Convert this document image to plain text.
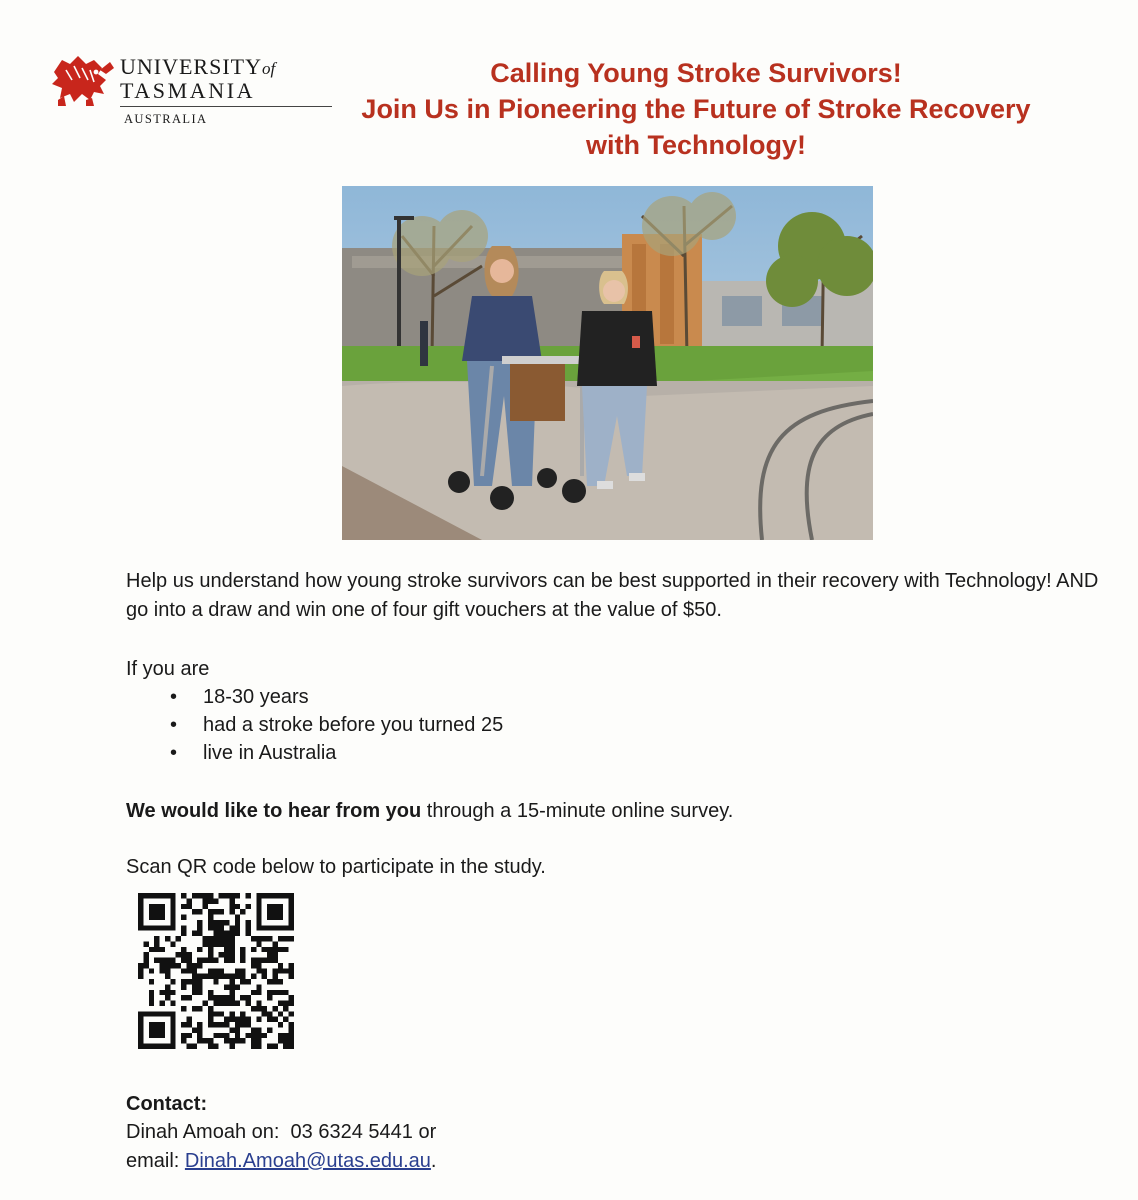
UNIVERSITYof
TASMANIA
AUSTRALIA
Calling Young Stroke Survivors!
Join Us in Pioneering the Future of Stroke Recovery
with Technology!
Help us understand how young stroke survivors can be best supported in their recovery with Technology! AND go into a draw and win one of four gift vouchers at the value of $50.
If you are
• 18-30 years
• had a stroke before you turned 25
• live in Australia
We would like to hear from you through a 15-minute online survey.
Scan QR code below to participate in the study.
Contact:
Dinah Amoah on:  03 6324 5441 or
email: Dinah.Amoah@utas.edu.au.
